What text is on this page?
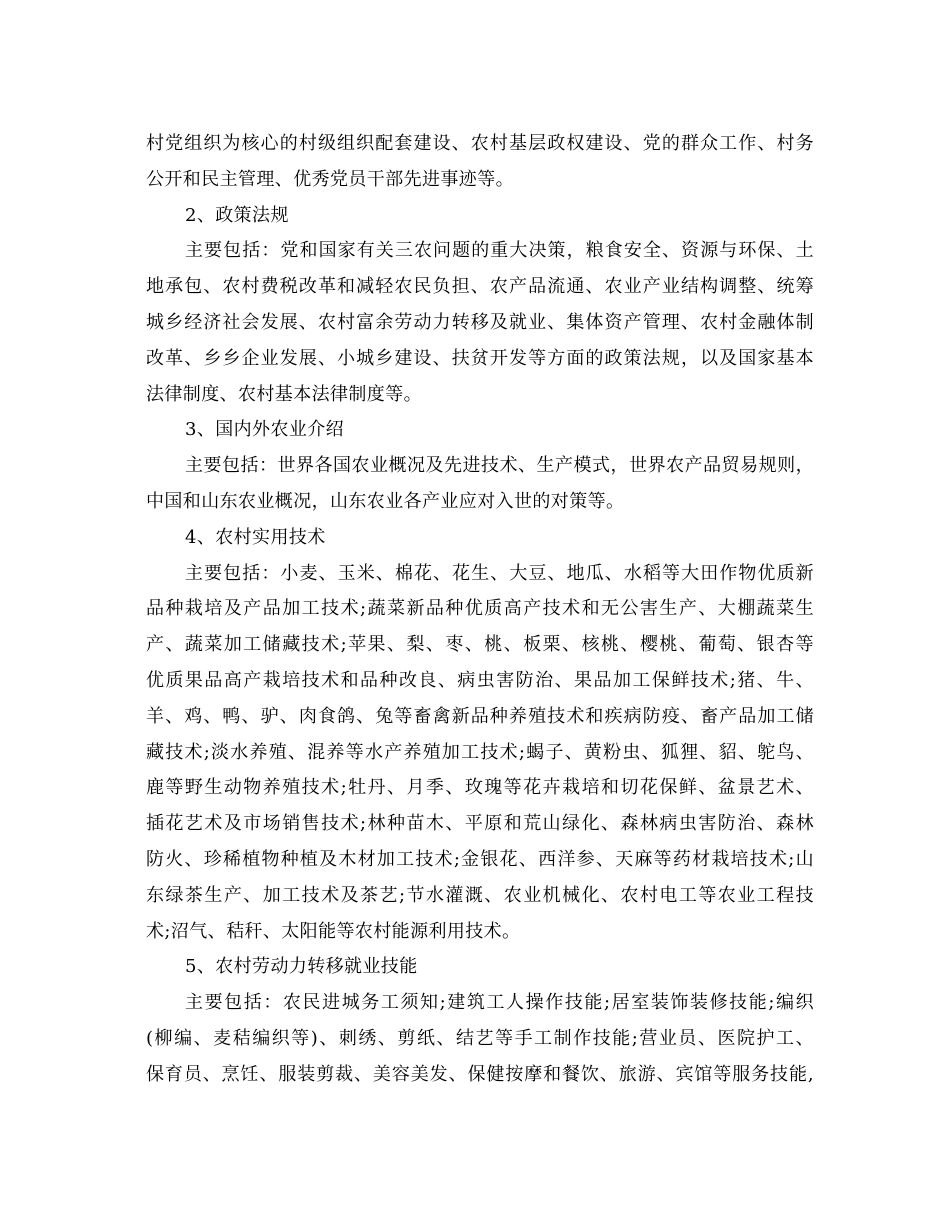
村党组织为核心的村级组织配套建设、农村基层政权建设、党的群众工作、村务
公开和民主管理、优秀党员干部先进事迹等。
2、政策法规
主要包括：党和国家有关三农问题的重大决策，粮食安全、资源与环保、土
地承包、农村费税改革和减轻农民负担、农产品流通、农业产业结构调整、统筹
城乡经济社会发展、农村富余劳动力转移及就业、集体资产管理、农村金融体制
改革、乡乡企业发展、小城乡建设、扶贫开发等方面的政策法规，以及国家基本
法律制度、农村基本法律制度等。
3、国内外农业介绍
主要包括：世界各国农业概况及先进技术、生产模式，世界农产品贸易规则，
中国和山东农业概况，山东农业各产业应对入世的对策等。
4、农村实用技术
主要包括：小麦、玉米、棉花、花生、大豆、地瓜、水稻等大田作物优质新
品种栽培及产品加工技术;蔬菜新品种优质高产技术和无公害生产、大棚蔬菜生
产、蔬菜加工储藏技术;苹果、梨、枣、桃、板栗、核桃、樱桃、葡萄、银杏等
优质果品高产栽培技术和品种改良、病虫害防治、果品加工保鲜技术;猪、牛、
羊、鸡、鸭、驴、肉食鸽、兔等畜禽新品种养殖技术和疾病防疫、畜产品加工储
藏技术;淡水养殖、混养等水产养殖加工技术;蝎子、黄粉虫、狐狸、貂、鸵鸟、
鹿等野生动物养殖技术;牡丹、月季、玫瑰等花卉栽培和切花保鲜、盆景艺术、
插花艺术及市场销售技术;林种苗木、平原和荒山绿化、森林病虫害防治、森林
防火、珍稀植物种植及木材加工技术;金银花、西洋参、天麻等药材栽培技术;山
东绿茶生产、加工技术及茶艺;节水灌溉、农业机械化、农村电工等农业工程技
术;沼气、秸秆、太阳能等农村能源利用技术。
5、农村劳动力转移就业技能
主要包括：农民进城务工须知;建筑工人操作技能;居室装饰装修技能;编织
(柳编、麦秸编织等)、刺绣、剪纸、结艺等手工制作技能;营业员、医院护工、
保育员、烹饪、服装剪裁、美容美发、保健按摩和餐饮、旅游、宾馆等服务技能,
